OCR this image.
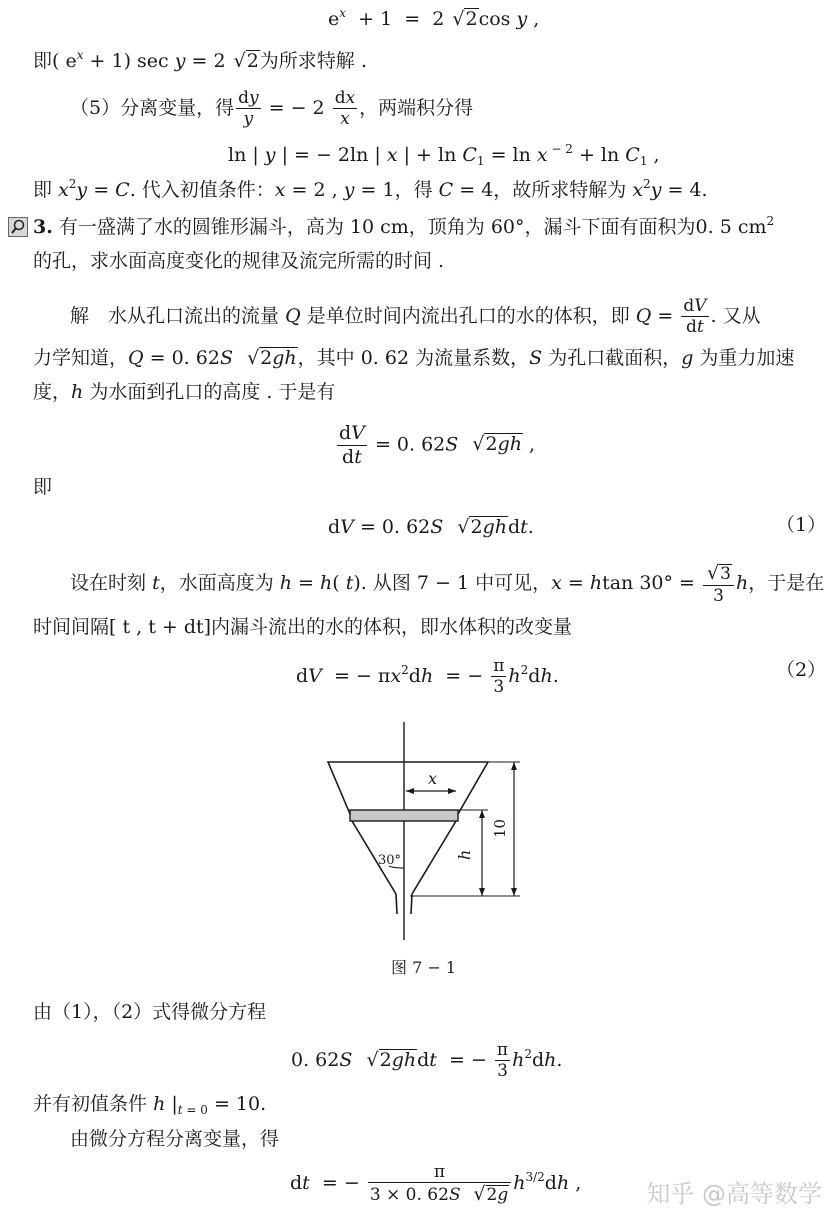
$e^x + 1 = 2$ √2cos y ,
即( $e^x + 1$) sec y = 2 √2为所求特解 .
（5）分离变量，得 $\frac{dy}{y}$ = − $2 \frac{dx}{x}$ ，两端积分得
ln | y | = − 2ln | x | + $\ln C_1 = \ln x$ $^{- 2} + \ln C_1$ ,
即 $x^2y = C$. 代入初值条件：x = 2 , y = 1，得 C = 4，故所求特解为 $x^2y = 4$.
3. 有一盛满了水的圆锥形漏斗，高为 10 cm，顶角为 60°，漏斗下面有面积为0. 5 $cm^2$
的孔，求水面高度变化的规律及流完所需的时间 .
解　水从孔口流出的流量 Q 是单位时间内流出孔口的水的体积，即 $Q = \frac{dV}{dt}$ . 又从
力学知道，Q = 0. 62S √2gh，其中 0. 62 为流量系数，S 为孔口截面积，g 为重力加速
度，h 为水面到孔口的高度 . 于是有
$\frac{dV}{dt} = 0$. 62S √2gh ,
即
dV = 0. 62S √2ghdt.	（1）
设在时刻 t，水面高度为 h = h( t). 从图 7 − 1 中可见，x = htan $30^\circ = \frac{√3}{3}$ h，于是在
时间间隔[ t , t + dt]内漏斗流出的水的体积，即水体积的改变量
dV  = − $\pi x^2dh$  = − $\frac{\pi}{3} h^2dh$.	（2）
x
h
10
30°
图 7 − 1
由（1），（2）式得微分方程
0. 62S √2ghdt  = − $\frac{\pi}{3} h^2dh$.
并有初值条件 h $|_{t = 0} = 10$.
由微分方程分离变量，得
dt  = − $\frac{\pi}{3 \times 0. 62S √2g} h^{3/2}dh$ ,	知乎 @高等数学
